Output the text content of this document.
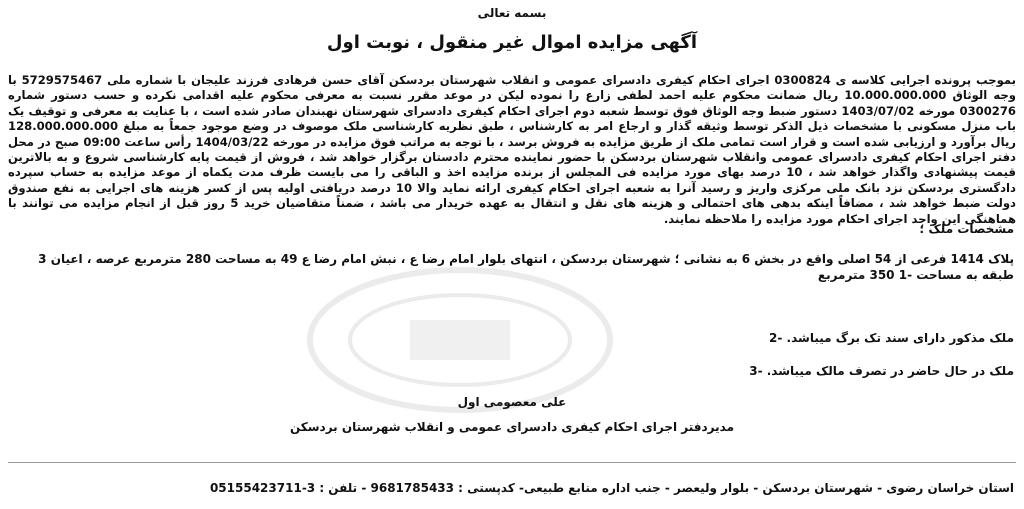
بسمه تعالی
آگهی مزایده اموال غیر منقول ، نوبت اول
بموجب پرونده اجرایی کلاسه ی 0300824 اجرای احکام کیفری دادسرای عمومی و انقلاب شهرستان بردسکن آقای حسن فرهادی فرزند علیجان با شماره ملی 5729575467 با وجه الوثاق 10.000.000.000 ریال ضمانت محکوم علیه احمد لطفی زارع را نموده لیکن در موعد مقرر نسبت به معرفی محکوم علیه اقدامی نکرده و حسب دستور شماره 0300276 مورخه 1403/07/02 دستور ضبط وجه الوثاق فوق توسط شعبه دوم اجرای احکام کیفری دادسرای شهرستان نهبندان صادر شده است ، با عنایت به معرفی و توقیف یک باب منزل مسکونی با مشخصات ذیل الذکر توسط وثیقه گذار و ارجاع امر به کارشناس ، طبق نظریه کارشناسی ملک موصوف در وضع موجود جمعاً به مبلغ 128.000.000.000 ریال برآورد و ارزیابی شده است و قرار است تمامی ملک از طریق مزایده به فروش برسد ، با توجه به مراتب فوق مزایده در مورخه 1404/03/22 رأس ساعت 09:00 صبح در محل دفتر اجرای احکام کیفری دادسرای عمومی وانقلاب شهرستان بردسکن با حضور نماینده محترم دادستان برگزار خواهد شد ، فروش از قیمت پایه کارشناسی شروع و به بالاترین قیمت پیشنهادی واگذار خواهد شد ، 10 درصد بهای مورد مزایده فی المجلس از برنده مزایده اخذ و الباقی را می بایست ظرف مدت یکماه از موعد مزایده به حساب سپرده دادگستری بردسکن نزد بانک ملی مرکزی واریز و رسید آنرا به شعبه اجرای احکام کیفری ارائه نماید والا 10 درصد دریافتی اولیه پس از کسر هزینه های اجرایی به نفع صندوق دولت ضبط خواهد شد ، مضافاً اینکه بدهی های احتمالی و هزینه های نقل و انتقال به عهده خریدار می باشد ، ضمناً متقاضیان خرید 5 روز قبل از انجام مزایده می توانند با هماهنگی این واحد اجرای احکام مورد مزایده را ملاحظه نمایند.
مشخصات ملک ؛
پلاک 1414 فرعی از 54 اصلی واقع در بخش 6 به نشانی ؛ شهرستان بردسکن ، انتهای بلوار امام رضا ع ، نبش امام رضا ع 49 به مساحت 280 مترمربع عرصه ، اعیان 3 طبقه به مساحت -1 350 مترمربع
ملک مذکور دارای سند تک برگ میباشد. -2
ملک در حال حاضر در تصرف مالک میباشد. -3
علی معصومی اول
مدیردفتر اجرای احکام کیفری دادسرای عمومی و انقلاب شهرستان بردسکن
استان خراسان رضوی - شهرستان بردسکن - بلوار ولیعصر - جنب اداره منابع طبیعی- کدپستی : 9681785433 - تلفن : 3-05155423711
